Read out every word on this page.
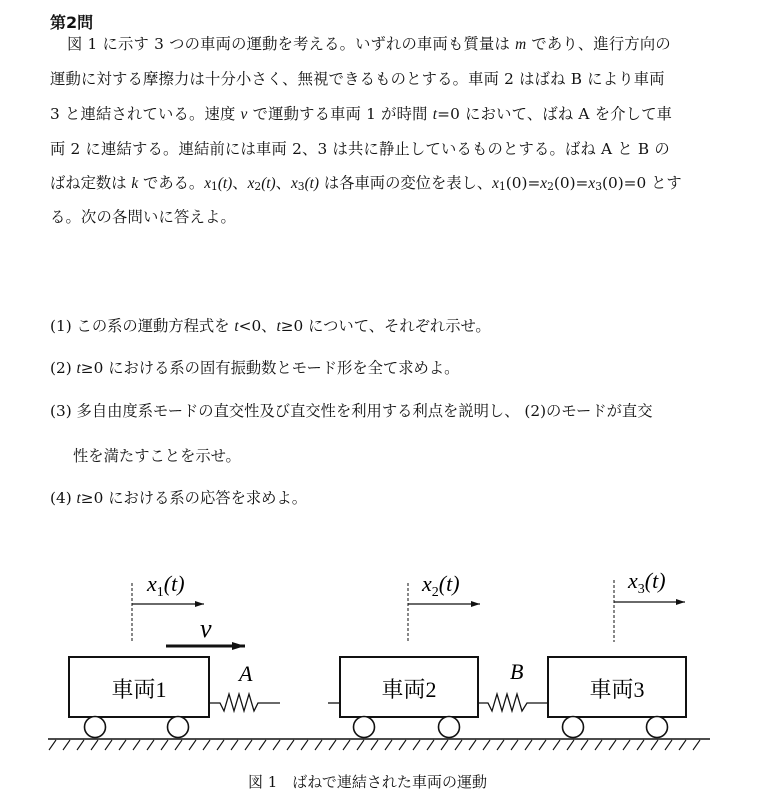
第2問
図 1 に示す 3 つの車両の運動を考える。いずれの車両も質量は m であり、進行方向の
運動に対する摩擦力は十分小さく、無視できるものとする。車両 2 はばね B により車両
3 と連結されている。速度 v で運動する車両 1 が時間 t=0 において、ばね A を介して車
両 2 に連結する。連結前には車両 2、3 は共に静止しているものとする。ばね A と B の
ばね定数は k である。$x_1(t)$、$x_2(t)$、$x_3(t)$ は各車両の変位を表し、$x_1(0)=x_2(0)=x_3(0)=0$ とす
る。次の各問いに答えよ。
(1) この系の運動方程式を t<0、t≥0 について、それぞれ示せ。
(2) t≥0 における系の固有振動数とモード形を全て求めよ。
(3) 多自由度系モードの直交性及び直交性を利用する利点を説明し、 (2)のモードが直交
性を満たすことを示せ。
(4) t≥0 における系の応答を求めよ。
$x_1(t)$	$x_2(t)$	$x_3(t)$
v
車両1
A
車両2
B
車両3
図 1　ばねで連結された車両の運動
